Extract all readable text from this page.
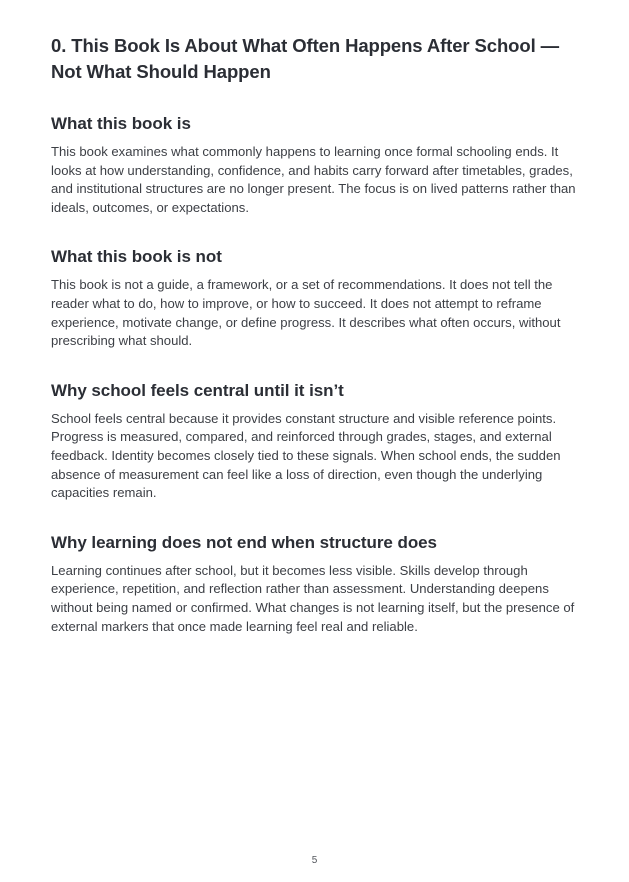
0. This Book Is About What Often Happens After School — Not What Should Happen
What this book is

This book examines what commonly happens to learning once formal schooling ends. It looks at how understanding, confidence, and habits carry forward after timetables, grades, and institutional structures are no longer present. The focus is on lived patterns rather than ideals, outcomes, or expectations.

What this book is not

This book is not a guide, a framework, or a set of recommendations. It does not tell the reader what to do, how to improve, or how to succeed. It does not attempt to reframe experience, motivate change, or define progress. It describes what often occurs, without prescribing what should.

Why school feels central until it isn’t

School feels central because it provides constant structure and visible reference points. Progress is measured, compared, and reinforced through grades, stages, and external feedback. Identity becomes closely tied to these signals. When school ends, the sudden absence of measurement can feel like a loss of direction, even though the underlying capacities remain.

Why learning does not end when structure does

Learning continues after school, but it becomes less visible. Skills develop through experience, repetition, and reflection rather than assessment. Understanding deepens without being named or confirmed. What changes is not learning itself, but the presence of external markers that once made learning feel real and reliable.

5
